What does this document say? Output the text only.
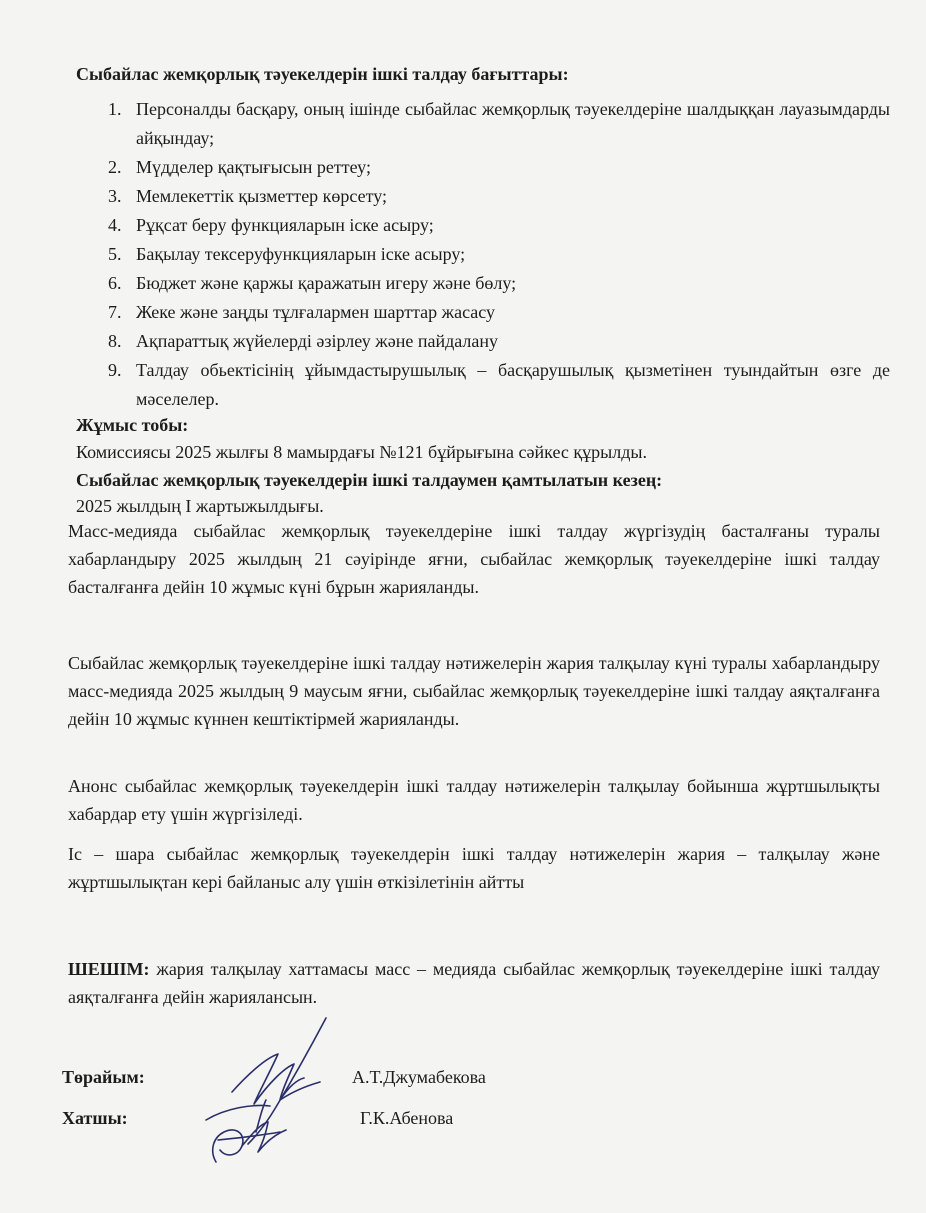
Сыбайлас жемқорлық тәуекелдерін ішкі талдау бағыттары:
1. Персоналды басқару, оның ішінде сыбайлас жемқорлық тәуекелдеріне шалдыққан лауазымдарды айқындау;
2. Мүдделер қақтығысын реттеу;
3. Мемлекеттік қызметтер көрсету;
4. Рұқсат беру функцияларын іске асыру;
5. Бақылау тексеруфункцияларын іске асыру;
6. Бюджет және қаржы қаражатын игеру және бөлу;
7. Жеке және заңды тұлғалармен шарттар жасасу
8. Ақпараттық жүйелерді әзірлеу және пайдалану
9. Талдау обьектісінің ұйымдастырушылық – басқарушылық қызметінен туындайтын өзге де мәселелер.
Жұмыс тобы:
Комиссиясы 2025 жылғы 8 мамырдағы №121 бұйрығына сәйкес құрылды.
Сыбайлас жемқорлық тәуекелдерін ішкі талдаумен қамтылатын кезең:
2025 жылдың І жартыжылдығы.
Масс-медияда сыбайлас жемқорлық тәуекелдеріне ішкі талдау жүргізудің басталғаны туралы хабарландыру 2025 жылдың 21 сәуірінде яғни, сыбайлас жемқорлық тәуекелдеріне ішкі талдау басталғанға дейін 10 жұмыс күні бұрын жарияланды.
Сыбайлас жемқорлық тәуекелдеріне ішкі талдау нәтижелерін жария талқылау күні туралы хабарландыру масс-медияда 2025 жылдың 9 маусым яғни, сыбайлас жемқорлық тәуекелдеріне ішкі талдау аяқталғанға дейін 10 жұмыс күннен кештіктірмей жарияланды.
Анонс сыбайлас жемқорлық тәуекелдерін ішкі талдау нәтижелерін талқылау бойынша жұртшылықты хабардар ету үшін жүргізіледі.
Іс – шара сыбайлас жемқорлық тәуекелдерін ішкі талдау нәтижелерін жария – талқылау және жұртшылықтан кері байланыс алу үшін өткізілетінін айтты
ШЕШІМ: жария талқылау хаттамасы масс – медияда сыбайлас жемқорлық тәуекелдеріне ішкі талдау аяқталғанға дейін жариялансын.
Төрайым:	А.Т.Джумабекова
Хатшы:	Г.К.Абенова
